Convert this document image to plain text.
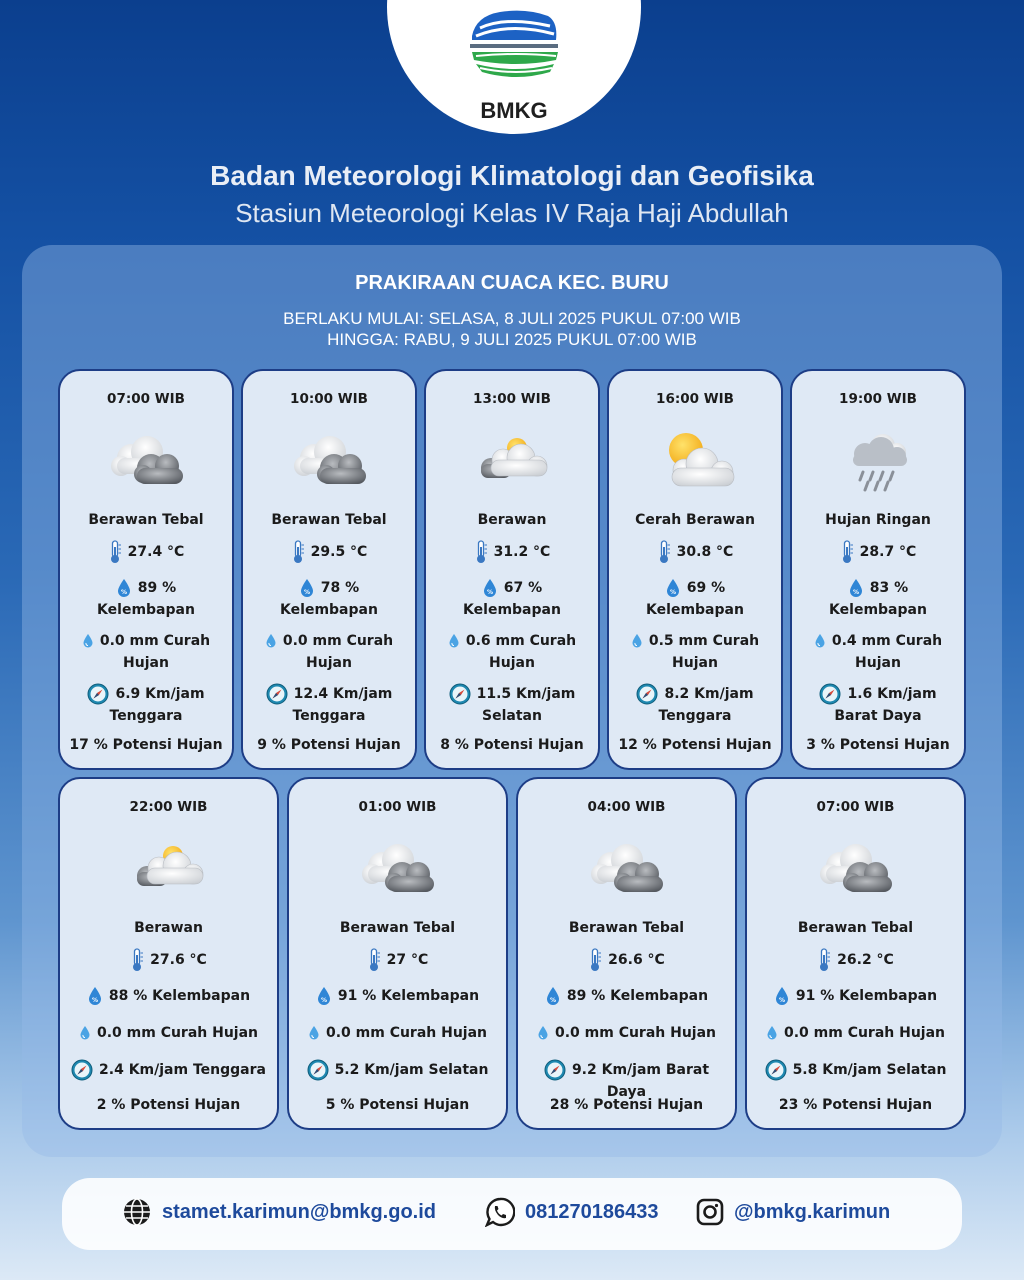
BMKG
Badan Meteorologi Klimatologi dan Geofisika
Stasiun Meteorologi Kelas IV Raja Haji Abdullah
PRAKIRAAN CUACA KEC. BURU
BERLAKU MULAI: SELASA, 8 JULI 2025 PUKUL 07:00 WIB
HINGGA: RABU, 9 JULI 2025 PUKUL 07:00 WIB
07:00 WIB
Berawan Tebal
27.4 °C
89 %
Kelembapan
0.0 mm Curah
Hujan
6.9 Km/jam
Tenggara
17 % Potensi Hujan
10:00 WIB
Berawan Tebal
29.5 °C
78 %
Kelembapan
0.0 mm Curah
Hujan
12.4 Km/jam
Tenggara
9 % Potensi Hujan
13:00 WIB
Berawan
31.2 °C
67 %
Kelembapan
0.6 mm Curah
Hujan
11.5 Km/jam
Selatan
8 % Potensi Hujan
16:00 WIB
Cerah Berawan
30.8 °C
69 %
Kelembapan
0.5 mm Curah
Hujan
8.2 Km/jam
Tenggara
12 % Potensi Hujan
19:00 WIB
Hujan Ringan
28.7 °C
83 %
Kelembapan
0.4 mm Curah
Hujan
1.6 Km/jam
Barat Daya
3 % Potensi Hujan
22:00 WIB
Berawan
27.6 °C
88 % Kelembapan
0.0 mm Curah Hujan
2.4 Km/jam Tenggara
2 % Potensi Hujan
01:00 WIB
Berawan Tebal
27 °C
91 % Kelembapan
0.0 mm Curah Hujan
5.2 Km/jam Selatan
5 % Potensi Hujan
04:00 WIB
Berawan Tebal
26.6 °C
89 % Kelembapan
0.0 mm Curah Hujan
9.2 Km/jam Barat Daya
28 % Potensi Hujan
07:00 WIB
Berawan Tebal
26.2 °C
91 % Kelembapan
0.0 mm Curah Hujan
5.8 Km/jam Selatan
23 % Potensi Hujan
stamet.karimun@bmkg.go.id	081270186433	@bmkg.karimun
